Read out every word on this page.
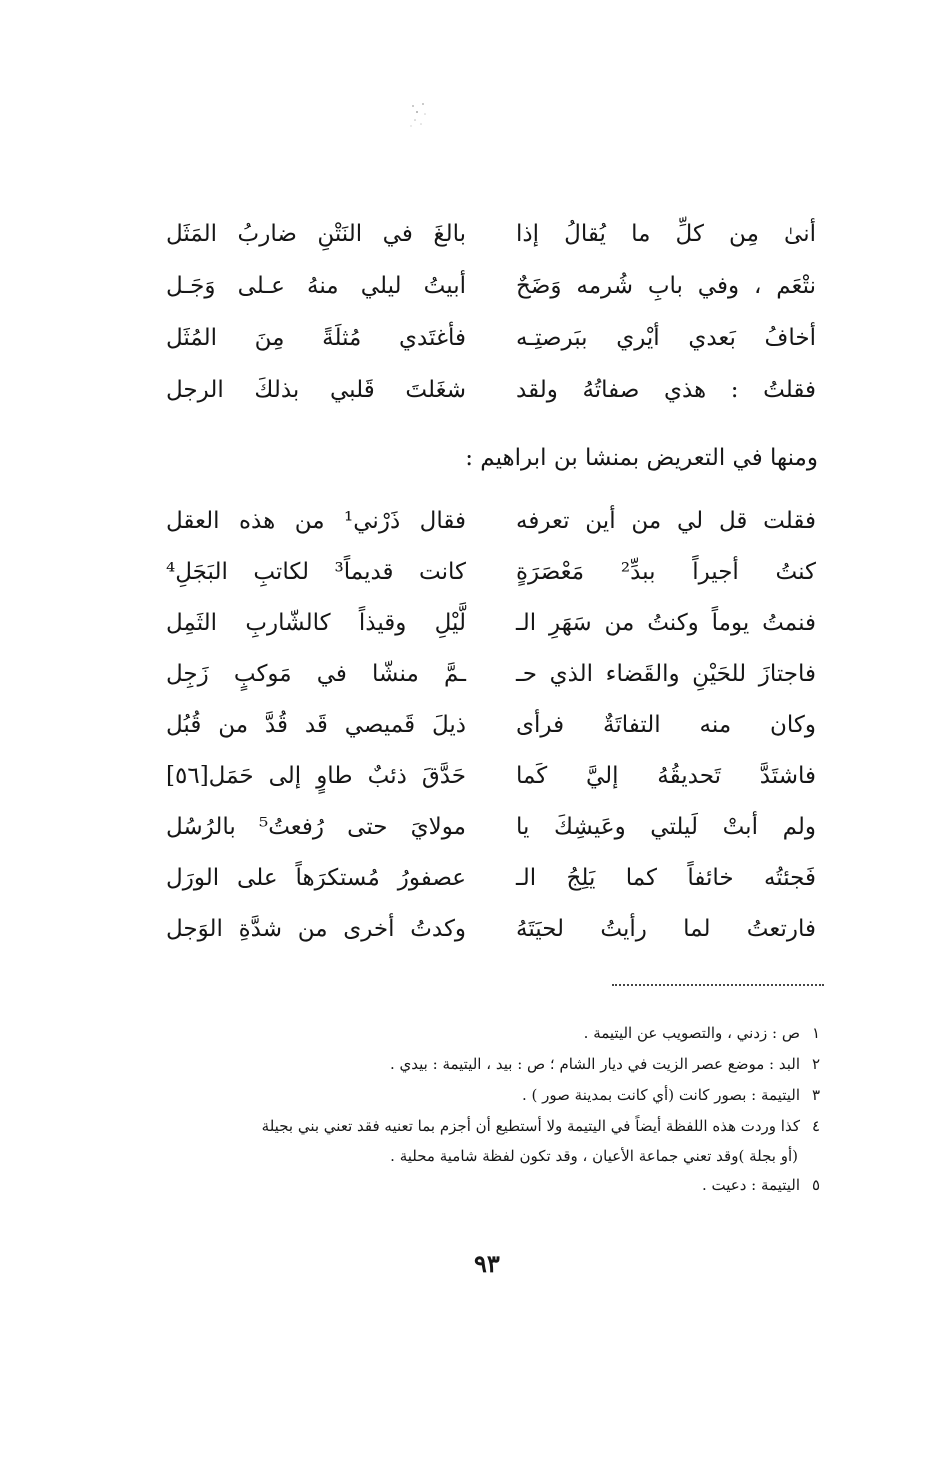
أنىٰ مِن كلِّ ما يُقالُ إذا
بالغَ في النَتْنِ ضاربُ المَثَل
نتْعَم ، وفي بابِ شُرمه وَضَحٌ
أبيتُ ليلي منهُ عـلى وَجَـل
أخافُ بَعدي أيْري ببَرصتِـه
فأغتَدي مُثلَةً مِنَ المُثَل
فقلتُ : هذي صفاتُهُ ولقد
شغَلتَ قَلبي بذلكَ الرجل
ومنها في التعريض بمنشا بن ابراهيم :
فقلت قل لي من أين تعرفه
فقال ذَرْني¹ من هذه العقل
كنتُ أجيراً ببدِّ² مَعْصَرَةٍ
كانت قديماً³ لكاتبِ البَجَلِ⁴
فنمتُ يوماً وكنتُ من سَهَرِ الـ
لَّيْلِ وقيذاً كالشّاربِ الثَمِل
فاجتازَ للحَيْنِ والقَضاء الذي حـ
ـمَّ منشّا في مَوكبٍ زَجِل
وكان منه التفاتَةٌ فرأى
ذيلَ قَميصي قَد قُدَّ من قُبُل
فاشتَدَّ تَحديقُهُ إليَّ كَما
حَدَّقَ ذئبٌ طاوٍ إلى حَمَل[٥٦]
ولم أبتْ لَيلتي وعَيشِكَ يا
مولايَ حتى رُفعتُ⁵ بالرُسُل
فَجئتُه خائفاً كما يَلِجُ الـ
عصفورُ مُستكرَهاً على الورَل
فارتعتُ لما رأيتُ لحيَتَهُ
وكدتُ أخرى من شدَّةِ الوَجل
١
ص : زدني ، والتصويب عن اليتيمة .
٢
البد : موضع عصر الزيت في ديار الشام ؛ ص : بيد ، اليتيمة : بيدي .
٣
اليتيمة : بصور كانت (أي كانت بمدينة صور ) .
٤
كذا وردت هذه اللفظة أيضاً في اليتيمة ولا أستطيع أن أجزم بما تعنيه فقد تعني بني بجيلة
(أو بجلة )وقد تعني جماعة الأعيان ، وقد تكون لفظة شامية محلية .
٥
اليتيمة : دعيت .
٩٣
